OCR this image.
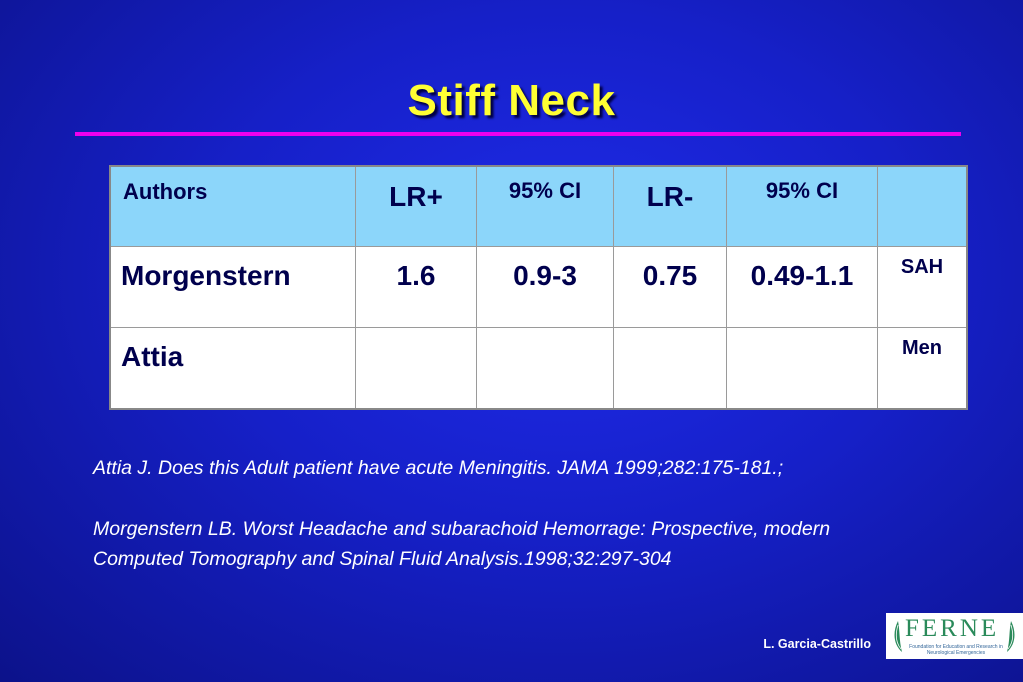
Stiff Neck
Authors	LR+	95% CI	LR-	95% CI	

Morgenstern	1.6	0.9-3	0.75	0.49-1.1	SAH

Attia					Men
Attia J. Does this Adult patient have acute Meningitis. JAMA 1999;282:175-181.;
Morgenstern LB. Worst Headache and subarachoid Hemorrage: Prospective, modern Computed Tomography and Spinal Fluid Analysis.1998;32:297-304
L. Garcia-Castrillo
FERNE
Foundation for Education and Research in Neurological Emergencies
